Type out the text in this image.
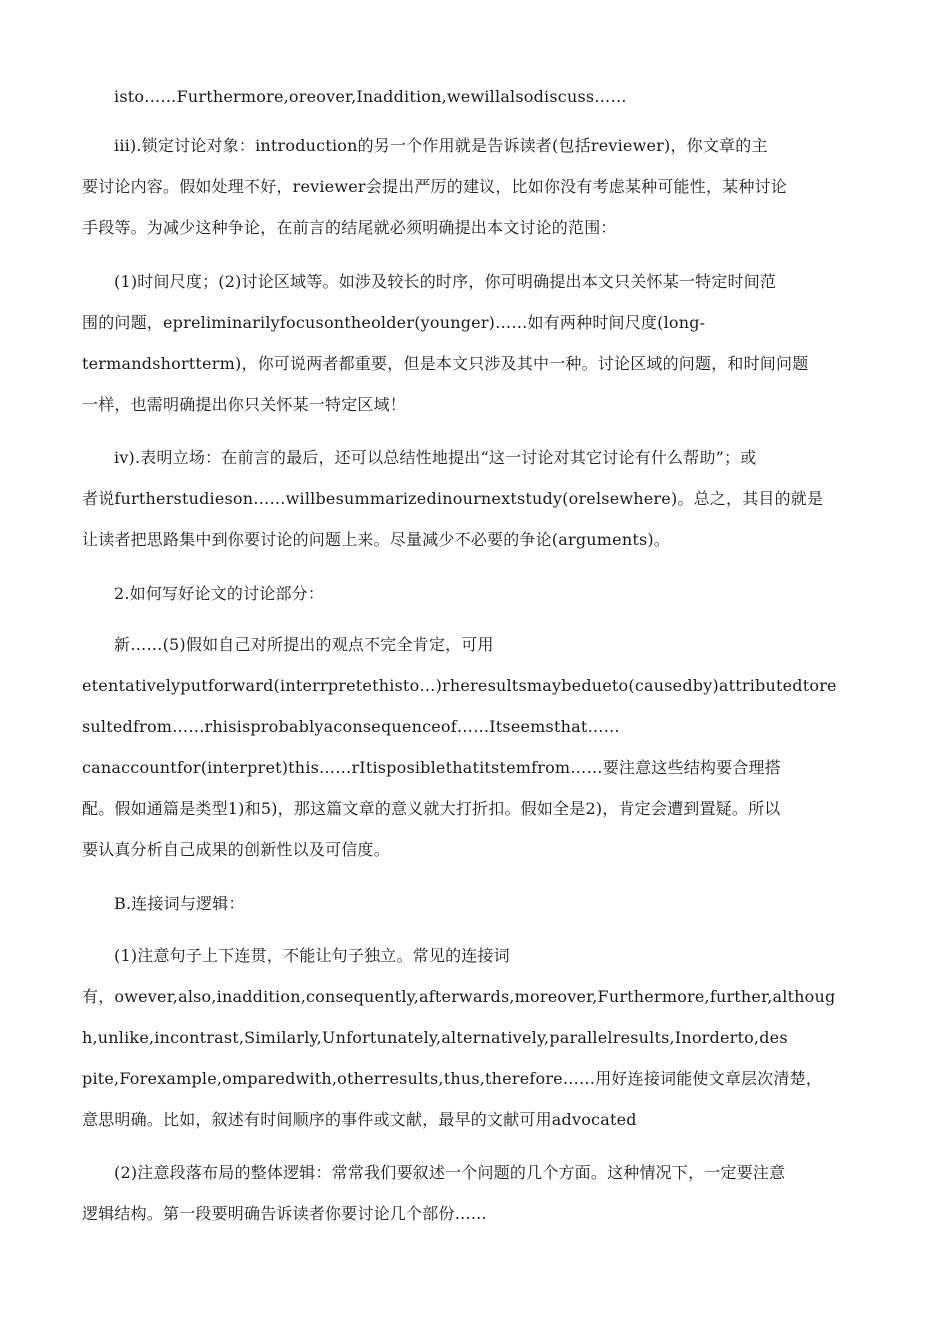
isto……Furthermore,oreover,Inaddition,wewillalsodiscuss……
iii).锁定讨论对象：introduction的另一个作用就是告诉读者(包括reviewer)，你文章的主
要讨论内容。假如处理不好，reviewer会提出严厉的建议，比如你没有考虑某种可能性，某种讨论
手段等。为减少这种争论，在前言的结尾就必须明确提出本文讨论的范围：
(1)时间尺度；(2)讨论区域等。如涉及较长的时序，你可明确提出本文只关怀某一特定时间范
围的问题，epreliminarilyfocusontheolder(younger)……如有两种时间尺度(long-
termandshortterm)，你可说两者都重要，但是本文只涉及其中一种。讨论区域的问题，和时间问题
一样，也需明确提出你只关怀某一特定区域！
iv).表明立场：在前言的最后，还可以总结性地提出“这一讨论对其它讨论有什么帮助”；或
者说furtherstudieson……willbesummarizedinournextstudy(orelsewhere)。总之，其目的就是
让读者把思路集中到你要讨论的问题上来。尽量减少不必要的争论(arguments)。
2.如何写好论文的讨论部分：
新……(5)假如自己对所提出的观点不完全肯定，可用
etentativelyputforward(interrpretethisto…)rheresultsmaybedueto(causedby)attributedtore
sultedfrom……rhisisprobablyaconsequenceof……Itseemsthat……
canaccountfor(interpret)this……rItisposiblethatitstemfrom……要注意这些结构要合理搭
配。假如通篇是类型1)和5)，那这篇文章的意义就大打折扣。假如全是2)，肯定会遭到置疑。所以
要认真分析自己成果的创新性以及可信度。
B.连接词与逻辑：
(1)注意句子上下连贯，不能让句子独立。常见的连接词
有，owever,also,inaddition,consequently,afterwards,moreover,Furthermore,further,althoug
h,unlike,incontrast,Similarly,Unfortunately,alternatively,parallelresults,Inorderto,des
pite,Forexample,omparedwith,otherresults,thus,therefore……用好连接词能使文章层次清楚，
意思明确。比如，叙述有时间顺序的事件或文献，最早的文献可用advocated
(2)注意段落布局的整体逻辑：常常我们要叙述一个问题的几个方面。这种情况下，一定要注意
逻辑结构。第一段要明确告诉读者你要讨论几个部份……
